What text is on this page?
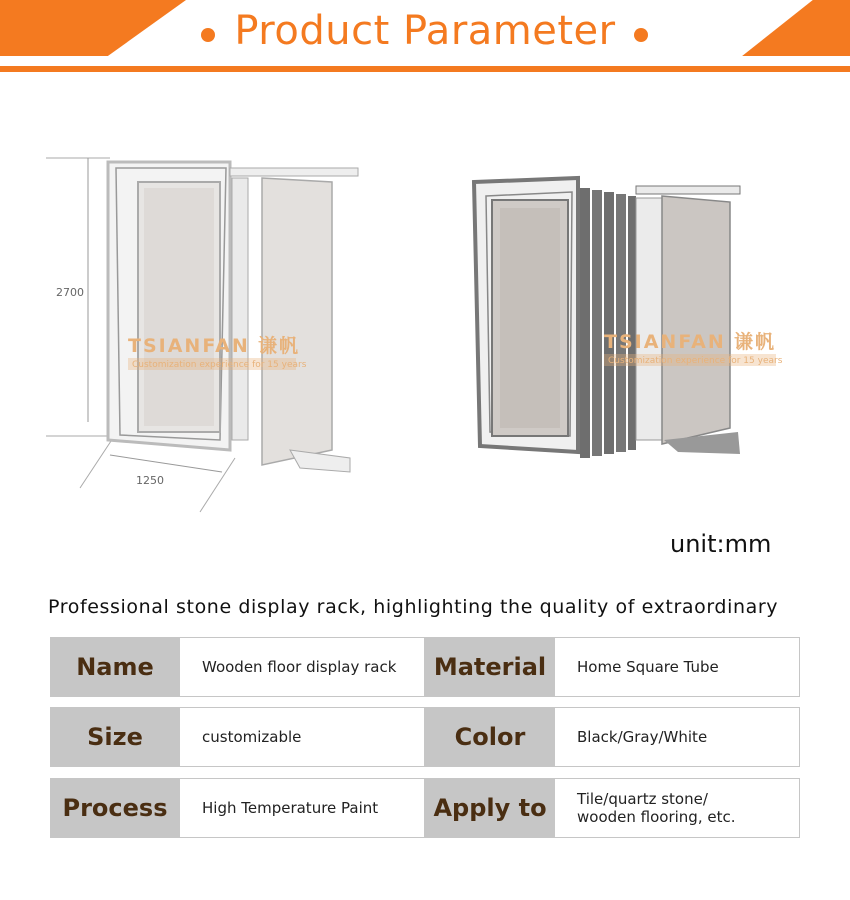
Product Parameter
2700
1250
TSIANFAN 谦帆
Customization experience for 15 years
TSIANFAN 谦帆
Customization experience for 15 years
unit:mm
Professional stone display rack, highlighting the quality of extraordinary
Name	Wooden floor display rack	Material	Home Square Tube
Size	customizable	Color	Black/Gray/White
Process	High Temperature Paint	Apply to	Tile/quartz stone/
wooden flooring, etc.
